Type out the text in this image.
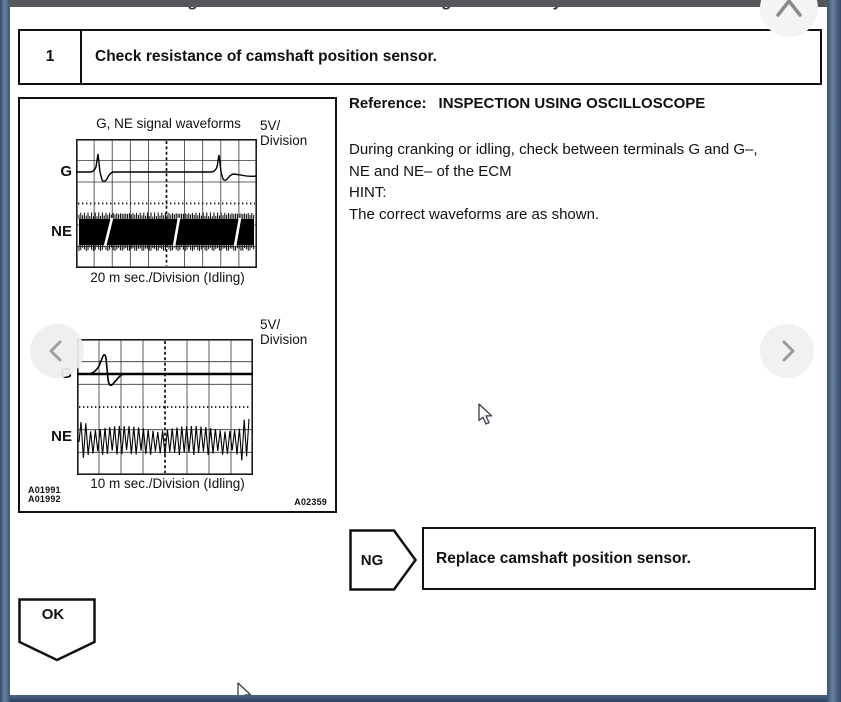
1	Check resistance of camshaft position sensor.
G, NE signal waveforms	5V/
Division
G
NE
20 m sec./Division (Idling)
5V/
Division
NE
10 m sec./Division (Idling)
A01991
A01992	A02359
Reference: INSPECTION USING OSCILLOSCOPE
During cranking or idling, check between terminals G and G–,
NE and NE– of the ECM
HINT:
The correct waveforms are as shown.
NG	Replace camshaft position sensor.
OK
